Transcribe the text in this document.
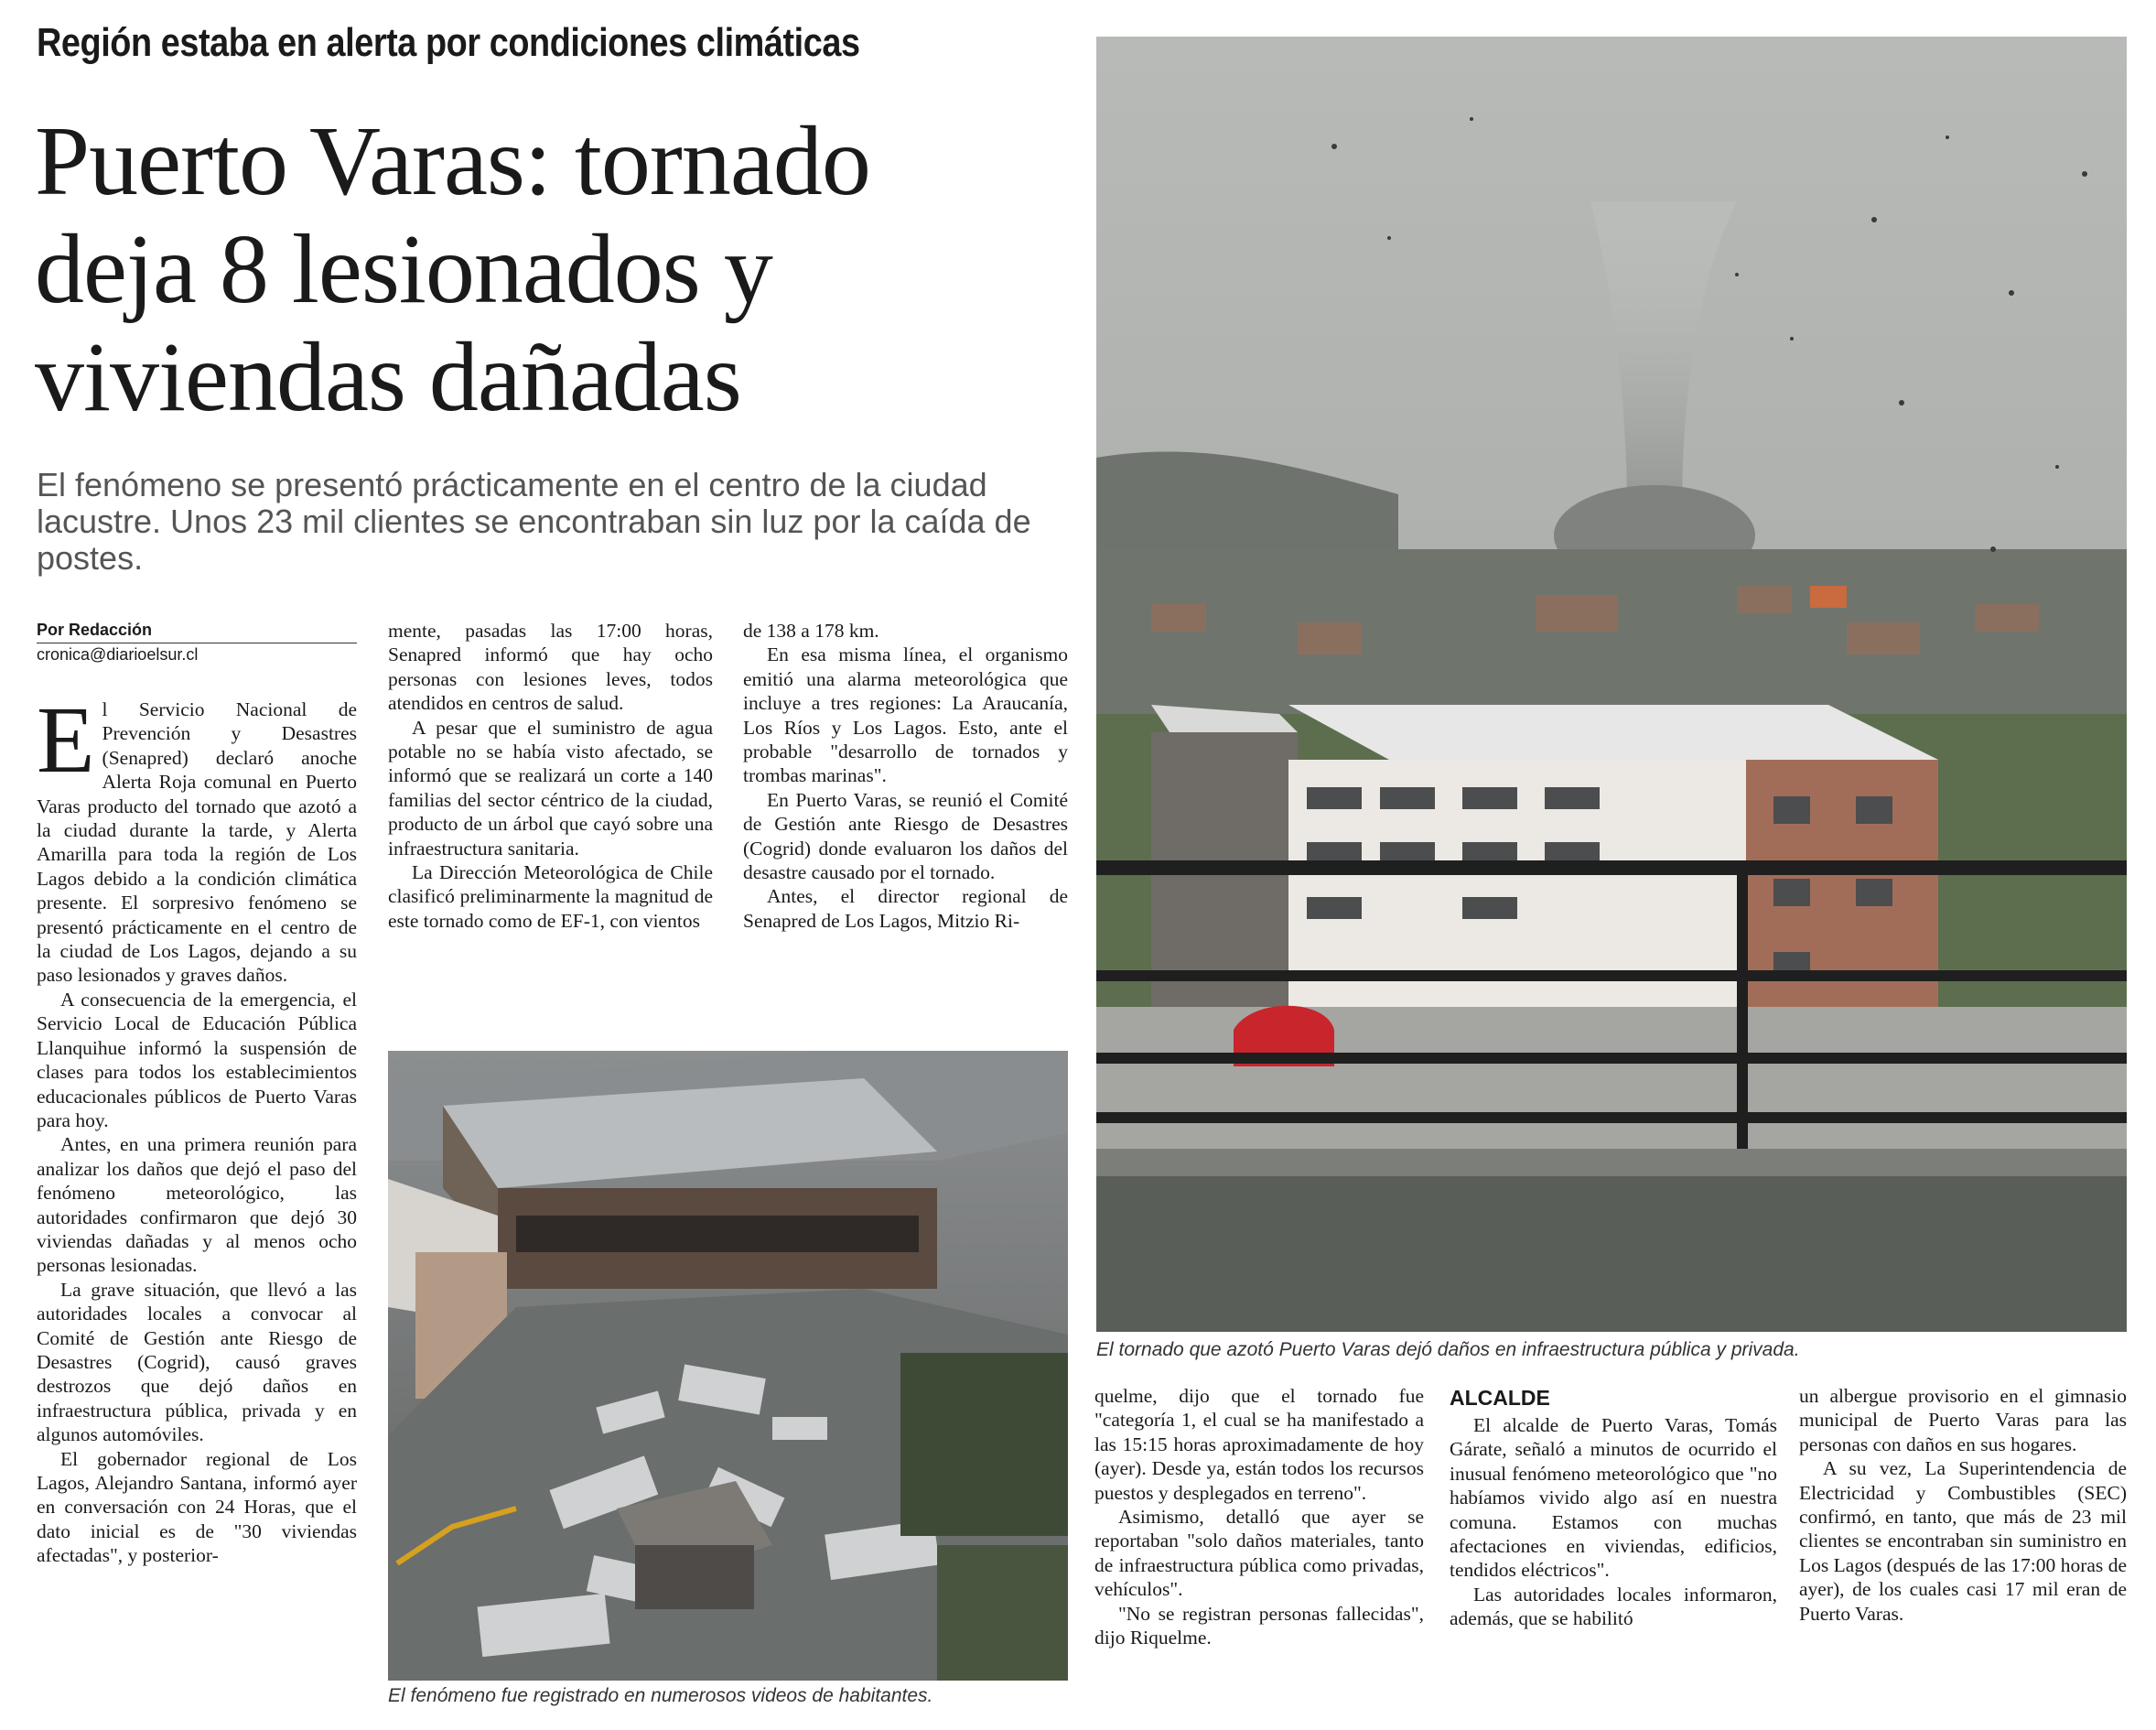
Región estaba en alerta por condiciones climáticas
Puerto Varas: tornado
deja 8 lesionados y
viviendas dañadas
El fenómeno se presentó prácticamente en el centro de la ciudad lacustre. Unos 23 mil clientes se encontraban sin luz por la caída de postes.
Por Redacción
cronica@diarioelsur.cl

El Servicio Nacional de Prevención y Desastres (Senapred) declaró anoche Alerta Roja comunal en Puerto Varas producto del tornado que azotó a la ciudad durante la tarde, y Alerta Amarilla para toda la región de Los Lagos debido a la condición climática presente. El sorpresivo fenómeno se presentó prácticamente en el centro de la ciudad de Los Lagos, dejando a su paso lesionados y graves daños.

A consecuencia de la emergencia, el Servicio Local de Educación Pública Llanquihue informó la suspensión de clases para todos los establecimientos educacionales públicos de Puerto Varas para hoy.

Antes, en una primera reunión para analizar los daños que dejó el paso del fenómeno meteorológico, las autoridades confirmaron que dejó 30 viviendas dañadas y al menos ocho personas lesionadas.

La grave situación, que llevó a las autoridades locales a convocar al Comité de Gestión ante Riesgo de Desastres (Cogrid), causó graves destrozos que dejó daños en infraestructura pública, privada y en algunos automóviles.

El gobernador regional de Los Lagos, Alejandro Santana, informó ayer en conversación con 24 Horas, que el dato inicial es de "30 viviendas afectadas", y posterior-

mente, pasadas las 17:00 horas, Senapred informó que hay ocho personas con lesiones leves, todos atendidos en centros de salud.

A pesar que el suministro de agua potable no se había visto afectado, se informó que se realizará un corte a 140 familias del sector céntrico de la ciudad, producto de un árbol que cayó sobre una infraestructura sanitaria.

La Dirección Meteorológica de Chile clasificó preliminarmente la magnitud de este tornado como de EF-1, con vientos

de 138 a 178 km.

En esa misma línea, el organismo emitió una alarma meteorológica que incluye a tres regiones: La Araucanía, Los Ríos y Los Lagos. Esto, ante el probable "desarrollo de tornados y trombas marinas".

En Puerto Varas, se reunió el Comité de Gestión ante Riesgo de Desastres (Cogrid) donde evaluaron los daños del desastre causado por el tornado.

Antes, el director regional de Senapred de Los Lagos, Mitzio Ri-

El fenómeno fue registrado en numerosos videos de habitantes.
El tornado que azotó Puerto Varas dejó daños en infraestructura pública y privada.

quelme, dijo que el tornado fue "categoría 1, el cual se ha manifestado a las 15:15 horas aproximadamente de hoy (ayer). Desde ya, están todos los recursos puestos y desplegados en terreno".

Asimismo, detalló que ayer se reportaban "solo daños materiales, tanto de infraestructura pública como privadas, vehículos".

"No se registran personas fallecidas", dijo Riquelme.

ALCALDE

El alcalde de Puerto Varas, Tomás Gárate, señaló a minutos de ocurrido el inusual fenómeno meteorológico que "no habíamos vivido algo así en nuestra comuna. Estamos con muchas afectaciones en viviendas, edificios, tendidos eléctricos".

Las autoridades locales informaron, además, que se habilitó

un albergue provisorio en el gimnasio municipal de Puerto Varas para las personas con daños en sus hogares.

A su vez, La Superintendencia de Electricidad y Combustibles (SEC) confirmó, en tanto, que más de 23 mil clientes se encontraban sin suministro en Los Lagos (después de las 17:00 horas de ayer), de los cuales casi 17 mil eran de Puerto Varas.
